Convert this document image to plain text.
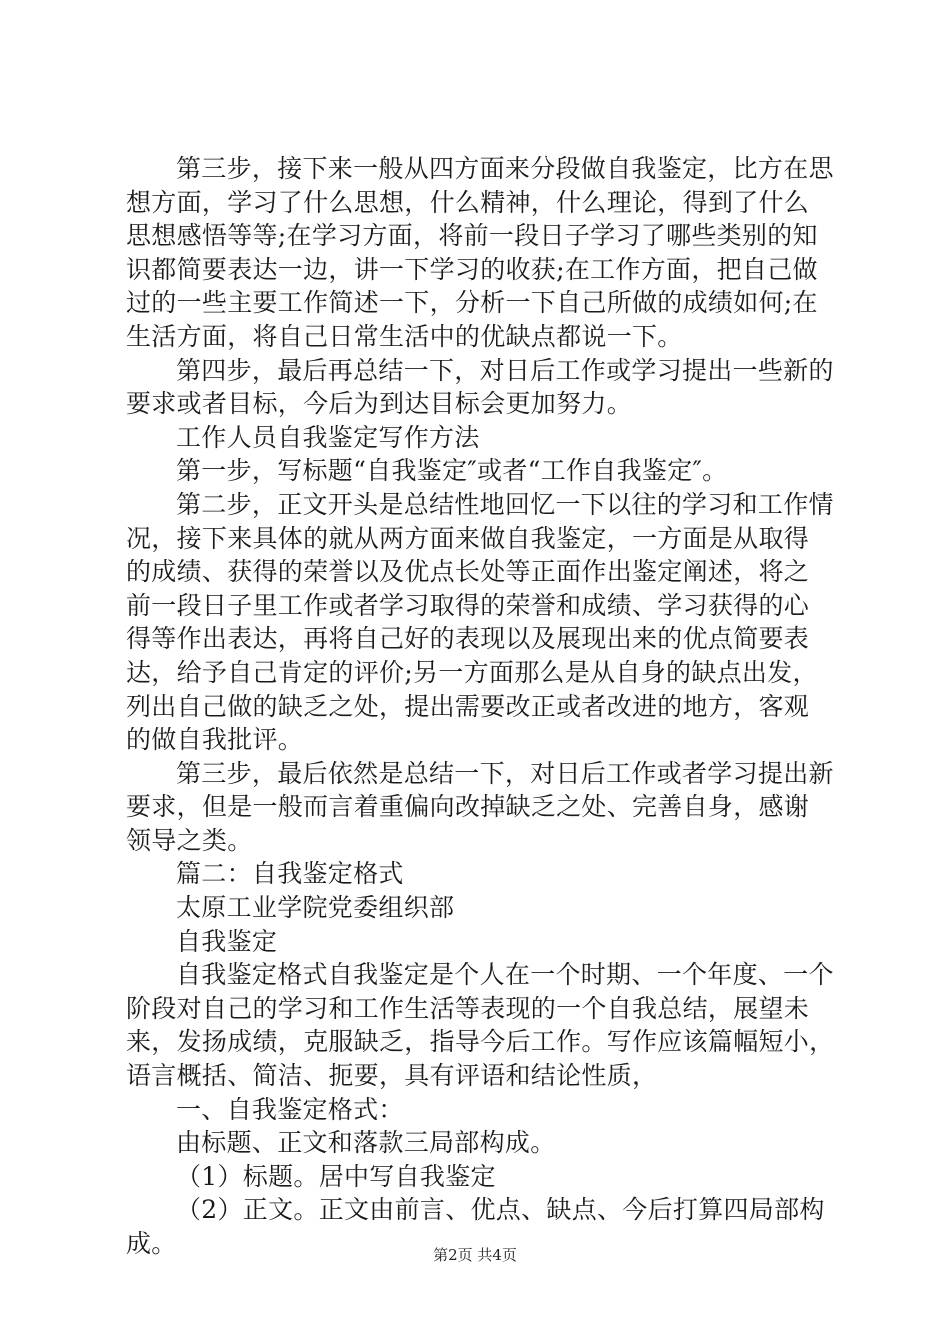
第三步，接下来一般从四方面来分段做自我鉴定，比方在思
想方面，学习了什么思想，什么精神，什么理论，得到了什么
思想感悟等等;在学习方面，将前一段日子学习了哪些类别的知
识都简要表达一边，讲一下学习的收获;在工作方面，把自己做
过的一些主要工作简述一下，分析一下自己所做的成绩如何;在
生活方面，将自己日常生活中的优缺点都说一下。
第四步，最后再总结一下，对日后工作或学习提出一些新的
要求或者目标，今后为到达目标会更加努力。
工作人员自我鉴定写作方法
第一步，写标题“自我鉴定″或者“工作自我鉴定″。
第二步，正文开头是总结性地回忆一下以往的学习和工作情
况，接下来具体的就从两方面来做自我鉴定，一方面是从取得
的成绩、获得的荣誉以及优点长处等正面作出鉴定阐述，将之
前一段日子里工作或者学习取得的荣誉和成绩、学习获得的心
得等作出表达，再将自己好的表现以及展现出来的优点简要表
达，给予自己肯定的评价;另一方面那么是从自身的缺点出发，
列出自己做的缺乏之处，提出需要改正或者改进的地方，客观
的做自我批评。
第三步，最后依然是总结一下，对日后工作或者学习提出新
要求，但是一般而言着重偏向改掉缺乏之处、完善自身，感谢
领导之类。
篇二：自我鉴定格式
太原工业学院党委组织部
自我鉴定
自我鉴定格式自我鉴定是个人在一个时期、一个年度、一个
阶段对自己的学习和工作生活等表现的一个自我总结，展望未
来，发扬成绩，克服缺乏，指导今后工作。写作应该篇幅短小，
语言概括、简洁、扼要，具有评语和结论性质，
一、自我鉴定格式：
由标题、正文和落款三局部构成。
（1）标题。居中写自我鉴定
（2）正文。正文由前言、优点、缺点、今后打算四局部构
成。	第2页 共4页
